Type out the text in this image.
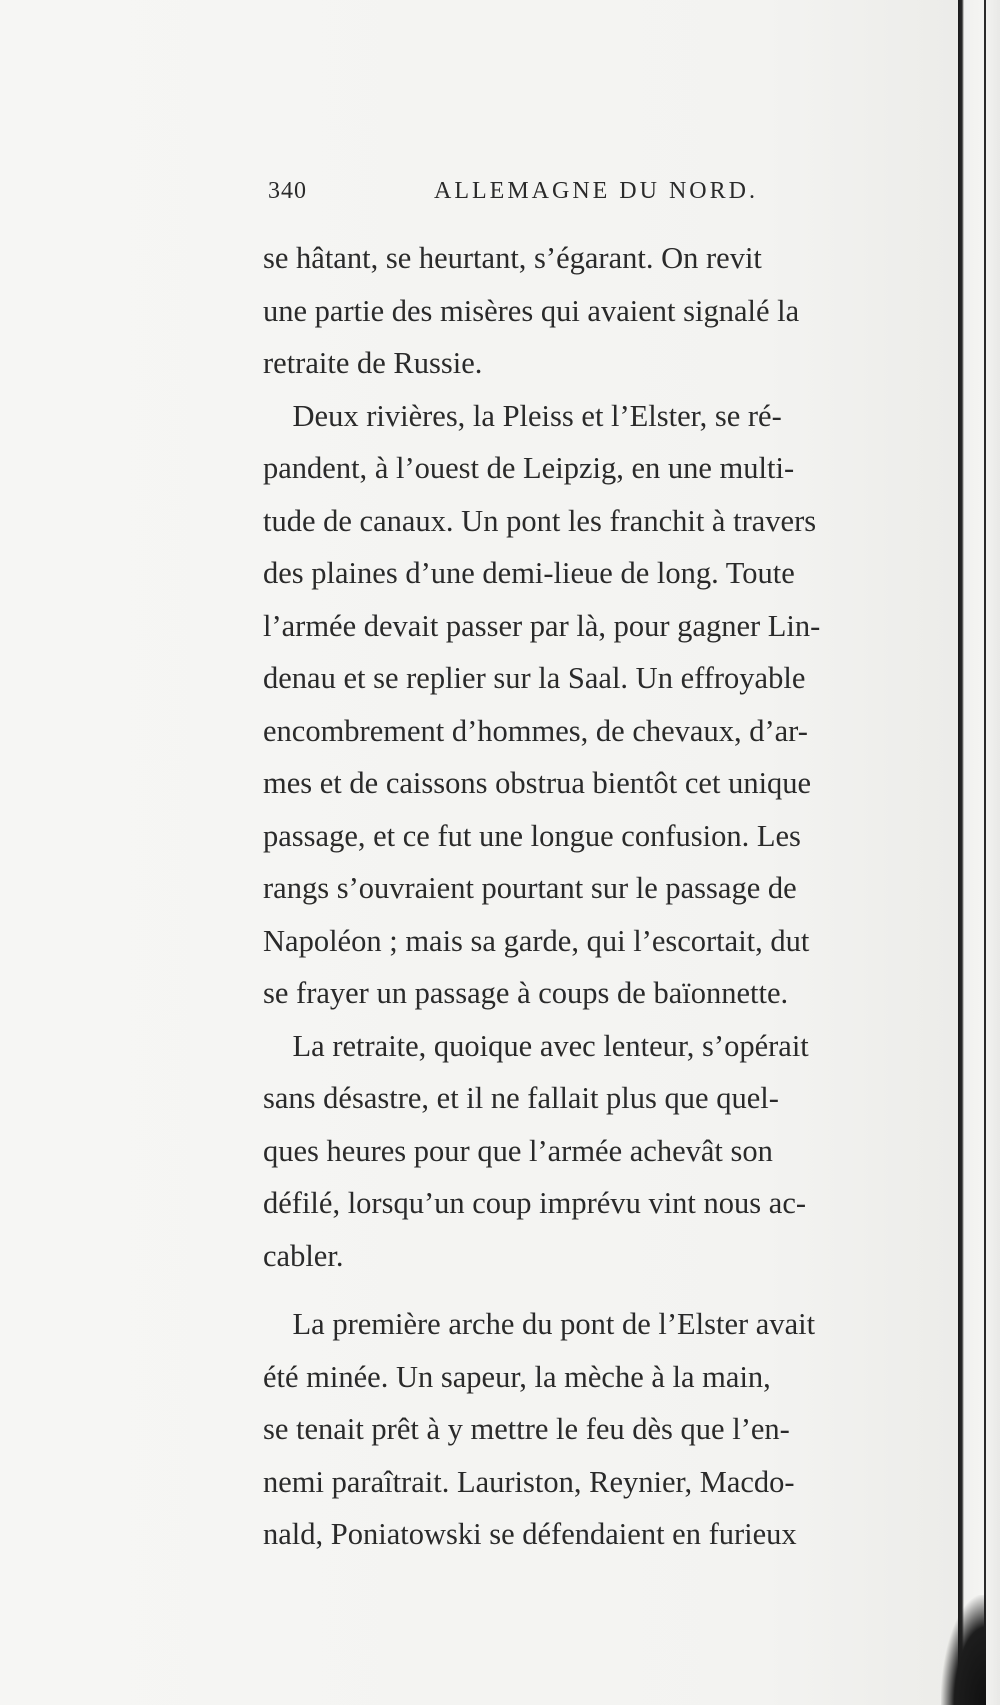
340	ALLEMAGNE DU NORD.
se hâtant, se heurtant, s’égarant. On revit
une partie des misères qui avaient signalé la
retraite de Russie.
Deux rivières, la Pleiss et l’Elster, se ré-
pandent, à l’ouest de Leipzig, en une multi-
tude de canaux. Un pont les franchit à travers
des plaines d’une demi-lieue de long. Toute
l’armée devait passer par là, pour gagner Lin-
denau et se replier sur la Saal. Un effroyable
encombrement d’hommes, de chevaux, d’ar-
mes et de caissons obstrua bientôt cet unique
passage, et ce fut une longue confusion. Les
rangs s’ouvraient pourtant sur le passage de
Napoléon ; mais sa garde, qui l’escortait, dut
se frayer un passage à coups de baïonnette.
La retraite, quoique avec lenteur, s’opérait
sans désastre, et il ne fallait plus que quel-
ques heures pour que l’armée achevât son
défilé, lorsqu’un coup imprévu vint nous ac-
cabler.
La première arche du pont de l’Elster avait
été minée. Un sapeur, la mèche à la main,
se tenait prêt à y mettre le feu dès que l’en-
nemi paraîtrait. Lauriston, Reynier, Macdo-
nald, Poniatowski se défendaient en furieux
